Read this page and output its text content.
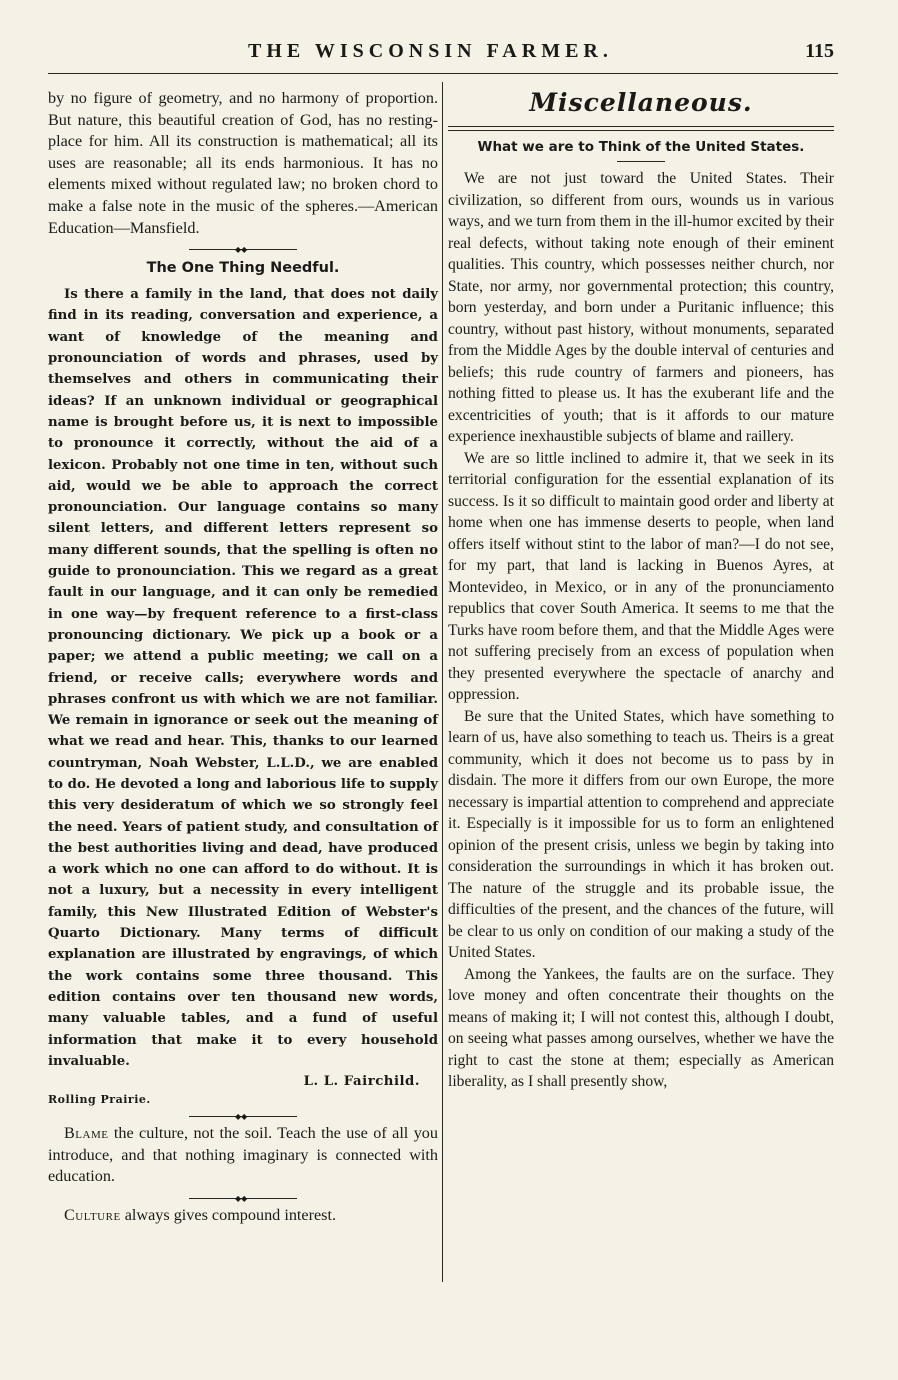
THE WISCONSIN FARMER.	115

by no figure of geometry, and no harmony of proportion. But nature, this beautiful creation of God, has no resting-place for him. All its construction is mathematical; all its uses are reasonable; all its ends harmonious. It has no elements mixed without regulated law; no broken chord to make a false note in the music of the spheres.—American Education—Mansfield.

◆◆
The One Thing Needful.

Is there a family in the land, that does not daily find in its reading, conversation and experience, a want of knowledge of the meaning and pronounciation of words and phrases, used by themselves and others in communicating their ideas? If an unknown individual or geographical name is brought before us, it is next to impossible to pronounce it correctly, without the aid of a lexicon. Probably not one time in ten, without such aid, would we be able to approach the correct pronounciation. Our language contains so many silent letters, and different letters represent so many different sounds, that the spelling is often no guide to pronounciation. This we regard as a great fault in our language, and it can only be remedied in one way—by frequent reference to a first-class pronouncing dictionary. We pick up a book or a paper; we attend a public meeting; we call on a friend, or receive calls; everywhere words and phrases confront us with which we are not familiar. We remain in ignorance or seek out the meaning of what we read and hear. This, thanks to our learned countryman, Noah Webster, L.L.D., we are enabled to do. He devoted a long and laborious life to supply this very desideratum of which we so strongly feel the need. Years of patient study, and consultation of the best authorities living and dead, have produced a work which no one can afford to do without. It is not a luxury, but a necessity in every intelligent family, this New Illustrated Edition of Webster's Quarto Dictionary. Many terms of difficult explanation are illustrated by engravings, of which the work contains some three thousand. This edition contains over ten thousand new words, many valuable tables, and a fund of useful information that make it to every household invaluable.

L. L. Fairchild.
Rolling Prairie.
◆◆

Blame the culture, not the soil. Teach the use of all you introduce, and that nothing imaginary is connected with education.

◆◆

Culture always gives compound interest.

Miscellaneous.
What we are to Think of the United States.

We are not just toward the United States. Their civilization, so different from ours, wounds us in various ways, and we turn from them in the ill-humor excited by their real defects, without taking note enough of their eminent qualities. This country, which possesses neither church, nor State, nor army, nor governmental protection; this country, born yesterday, and born under a Puritanic influence; this country, without past history, without monuments, separated from the Middle Ages by the double interval of centuries and beliefs; this rude country of farmers and pioneers, has nothing fitted to please us. It has the exuberant life and the excentricities of youth; that is it affords to our mature experience inexhaustible subjects of blame and raillery.

We are so little inclined to admire it, that we seek in its territorial configuration for the essential explanation of its success. Is it so difficult to maintain good order and liberty at home when one has immense deserts to people, when land offers itself without stint to the labor of man?—I do not see, for my part, that land is lacking in Buenos Ayres, at Montevideo, in Mexico, or in any of the pronunciamento republics that cover South America. It seems to me that the Turks have room before them, and that the Middle Ages were not suffering precisely from an excess of population when they presented everywhere the spectacle of anarchy and oppression.

Be sure that the United States, which have something to learn of us, have also something to teach us. Theirs is a great community, which it does not become us to pass by in disdain. The more it differs from our own Europe, the more necessary is impartial attention to comprehend and appreciate it. Especially is it impossible for us to form an enlightened opinion of the present crisis, unless we begin by taking into consideration the surroundings in which it has broken out. The nature of the struggle and its probable issue, the difficulties of the present, and the chances of the future, will be clear to us only on condition of our making a study of the United States.

Among the Yankees, the faults are on the surface. They love money and often concentrate their thoughts on the means of making it; I will not contest this, although I doubt, on seeing what passes among ourselves, whether we have the right to cast the stone at them; especially as American liberality, as I shall presently show,
